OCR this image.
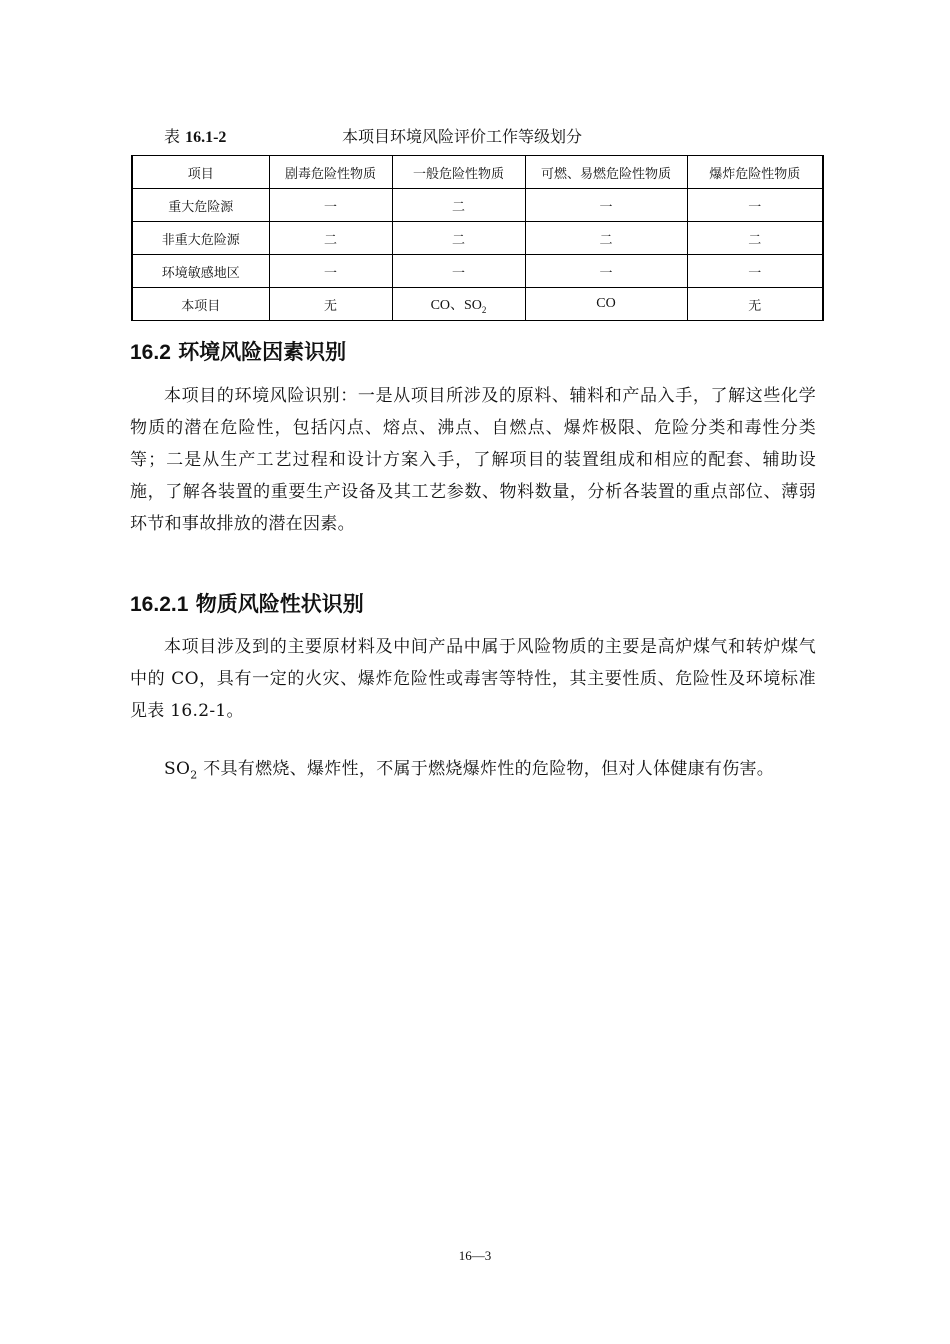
表 16.1-2	本项目环境风险评价工作等级划分
项目	剧毒危险性物质	一般危险性物质	可燃、易燃危险性物质	爆炸危险性物质
重大危险源	一	二	一	一
非重大危险源	二	二	二	二
环境敏感地区	一	一	一	一
本项目	无	CO、$SO_2$	CO	无
16.2 环境风险因素识别

本项目的环境风险识别：一是从项目所涉及的原料、辅料和产品入手，了解这些化学物质的潜在危险性，包括闪点、熔点、沸点、自燃点、爆炸极限、危险分类和毒性分类等；二是从生产工艺过程和设计方案入手，了解项目的装置组成和相应的配套、辅助设施，了解各装置的重要生产设备及其工艺参数、物料数量，分析各装置的重点部位、薄弱环节和事故排放的潜在因素。

16.2.1 物质风险性状识别

本项目涉及到的主要原材料及中间产品中属于风险物质的主要是高炉煤气和转炉煤气中的 CO，具有一定的火灾、爆炸危险性或毒害等特性，其主要性质、危险性及环境标准见表 16.2-1。

$SO_2$ 不具有燃烧、爆炸性，不属于燃烧爆炸性的危险物，但对人体健康有伤害。

16—3
